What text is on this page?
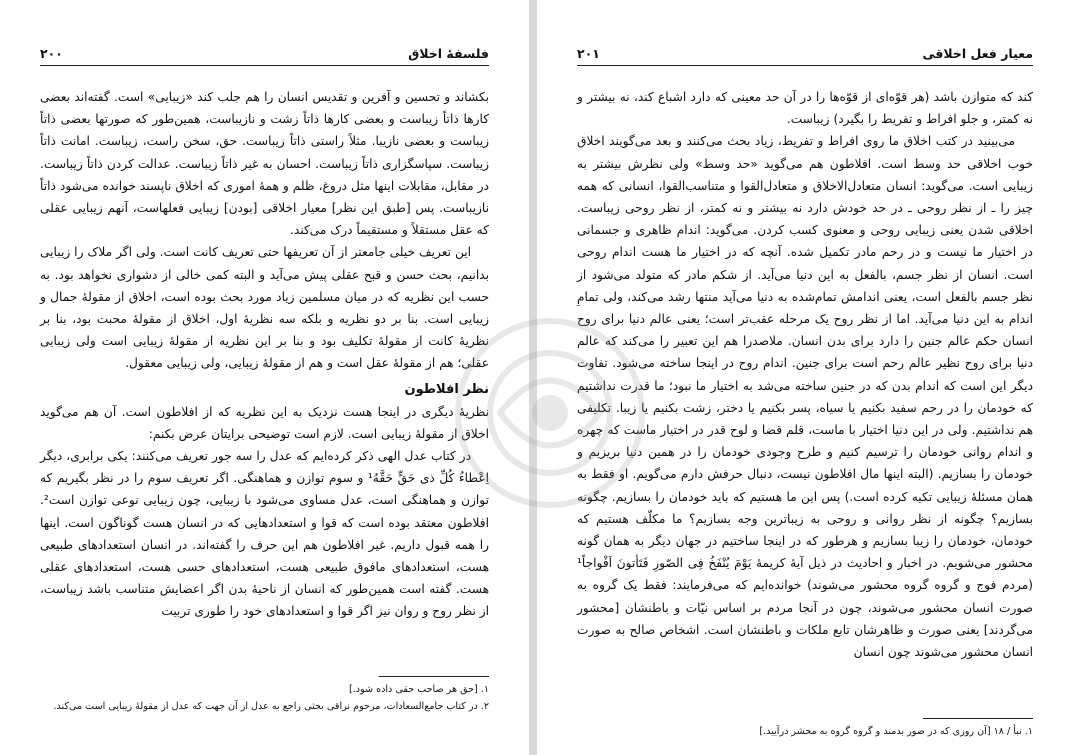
فلسفۀ اخلاق
۲۰۰

بکشاند و تحسین و آفرین و تقدیس انسان را هم جلب کند «زیبایی» است. گفته‌اند بعضی کارها ذاتاً زیباست و بعضی کارها ذاتاً زشت و نازیباست، همین‌طور که صورتها بعضی ذاتاً زیباست و بعضی نازیبا. مثلاً راستی ذاتاً زیباست. حق، سخن راست، زیباست. امانت ذاتاً زیباست. سپاسگزاری ذاتاً زیباست. احسان به غیر ذاتاً زیباست. عدالت کردن ذاتاً زیباست. در مقابل، مقابلات اینها مثل دروغ، ظلم و همۀ اموری که اخلاق ناپسند خوانده می‌شود ذاتاً نازیباست. پس [طبق این نظر] معیار اخلاقی [بودن] زیبایی فعلهاست، آنهم زیبایی عقلی که عقل مستقلاً و مستقیماً درک می‌کند.

این تعریف خیلی جامعتر از آن تعریفها حتی تعریف کانت است. ولی اگر ملاک را زیبایی بدانیم، بحث حسن و قبح عقلی پیش می‌آید و البته کمی خالی از دشواری نخواهد بود. به حسب این نظریه که در میان مسلمین زیاد مورد بحث بوده است، اخلاق از مقولۀ جمال و زیبایی است. بنا بر دو نظریه و بلکه سه نظریۀ اول، اخلاق از مقولۀ محبت بود، بنا بر نظریۀ کانت از مقولۀ تکلیف بود و بنا بر این نظریه از مقولۀ زیبایی است ولی زیبایی عقلی؛ هم از مقولۀ عقل است و هم از مقولۀ زیبایی، ولی زیبایی معقول.

نظر افلاطون

نظریۀ دیگری در اینجا هست نزدیک به این نظریه که از افلاطون است. آن هم می‌گوید اخلاق از مقولۀ زیبایی است. لازم است توضیحی برایتان عرض بکنم:

در کتاب عدل الهی ذکر کرده‌ایم که عدل را سه جور تعریف می‌کنند: یکی برابری، دیگر اِعْطاءُ کُلِّ ذی حَقٍّ حَقَّهُ¹ و سوم توازن و هماهنگی. اگر تعریف سوم را در نظر بگیریم که توازن و هماهنگی است، عدل مساوی می‌شود با زیبایی، چون زیبایی نوعی توازن است². افلاطون معتقد بوده است که قوا و استعدادهایی که در انسان هست گوناگون است. اینها را همه قبول داریم. غیر افلاطون هم این حرف را گفته‌اند. در انسان استعدادهای طبیعی هست، استعدادهای مافوق طبیعی هست، استعدادهای حسی هست، استعدادهای عقلی هست. گفته است همین‌طور که انسان از ناحیۀ بدن اگر اعضایش متناسب باشد زیباست، از نظر روح و روان نیز اگر قوا و استعدادهای خود را طوری تربیت

۱. [حق هر صاحب حقی داده شود.]

۲. در کتاب جامع‌السعادات، مرحوم نراقی بحثی راجع به عدل از آن جهت که عدل از مقولۀ زیبایی است می‌کند.

معیار فعل اخلاقی
۲۰۱

کند که متوازن باشد (هر قوّه‌ای از قوّه‌ها را در آن حد معینی که دارد اشباع کند، نه بیشتر و نه کمتر، و جلو افراط و تفریط را بگیرد) زیباست.

می‌بینید در کتب اخلاق ما روی افراط و تفریط، زیاد بحث می‌کنند و بعد می‌گویند اخلاق خوب اخلاقی حد وسط است. افلاطون هم می‌گوید «حد وسط» ولی نظرش بیشتر به زیبایی است. می‌گوید: انسان متعادل‌الاخلاق و متعادل‌القوا و متناسب‌القوا، انسانی که همه چیز را ـ از نظر روحی ـ در حد خودش دارد نه بیشتر و نه کمتر، از نظر روحی زیباست. اخلاقی شدن یعنی زیبایی روحی و معنوی کسب کردن. می‌گوید: اندام ظاهری و جسمانی در اختیار ما نیست و در رحم مادر تکمیل شده. آنچه که در اختیار ما هست اندام روحی است. انسان از نظر جسم، بالفعل به این دنیا می‌آید. از شکم مادر که متولد می‌شود از نظر جسم بالفعل است، یعنی اندامش تمام‌شده به دنیا می‌آید منتها رشد می‌کند، ولی تمامِ اندام به این دنیا می‌آید. اما از نظر روح یک مرحله عقب‌تر است؛ یعنی عالم دنیا برای روح انسان حکم عالم جنین را دارد برای بدن انسان. ملاصدرا هم این تعبیر را می‌کند که عالم دنیا برای روح نظیر عالم رحم است برای جنین. اندام روح در اینجا ساخته می‌شود. تفاوت دیگر این است که اندام بدن که در جنین ساخته می‌شد به اختیار ما نبود؛ ما قدرت نداشتیم که خودمان را در رحم سفید بکنیم یا سیاه، پسر بکنیم یا دختر، زشت بکنیم یا زیبا. تکلیفی هم نداشتیم. ولی در این دنیا اختیار با ماست، قلم قضا و لوح قدر در اختیار ماست که چهره و اندام روانی خودمان را ترسیم کنیم و طرح وجودی خودمان را در همین دنیا بریزیم و خودمان را بسازیم. (البته اینها مال افلاطون نیست، دنبال حرفش دارم می‌گویم. او فقط به همان مسئلۀ زیبایی تکیه کرده است.) پس این ما هستیم که باید خودمان را بسازیم. چگونه بسازیم؟ چگونه از نظر روانی و روحی به زیباترین وجه بسازیم؟ ما مکلّف هستیم که خودمان، خودمان را زیبا بسازیم و هرطور که در اینجا ساختیم در جهان دیگر به همان گونه محشور می‌شویم. در اخبار و احادیث در ذیل آیۀ کریمۀ یَوْمَ یُنْفَخُ فِی الصّورِ فَتَأتونَ اَفْواجاً¹ (مردم فوج و گروه گروه محشور می‌شوند) خوانده‌ایم که می‌فرمایند: فقط یک گروه به صورت انسان محشور می‌شوند، چون در آنجا مردم بر اساس نیّات و باطنشان [محشور می‌گردند] یعنی صورت و ظاهرشان تابع ملکات و باطنشان است. اشخاص صالح به صورت انسان محشور می‌شوند چون انسان

۱. نبأ / ۱۸ [آن روزی که در صور بدمند و گروه گروه به محشر درآیید.]
